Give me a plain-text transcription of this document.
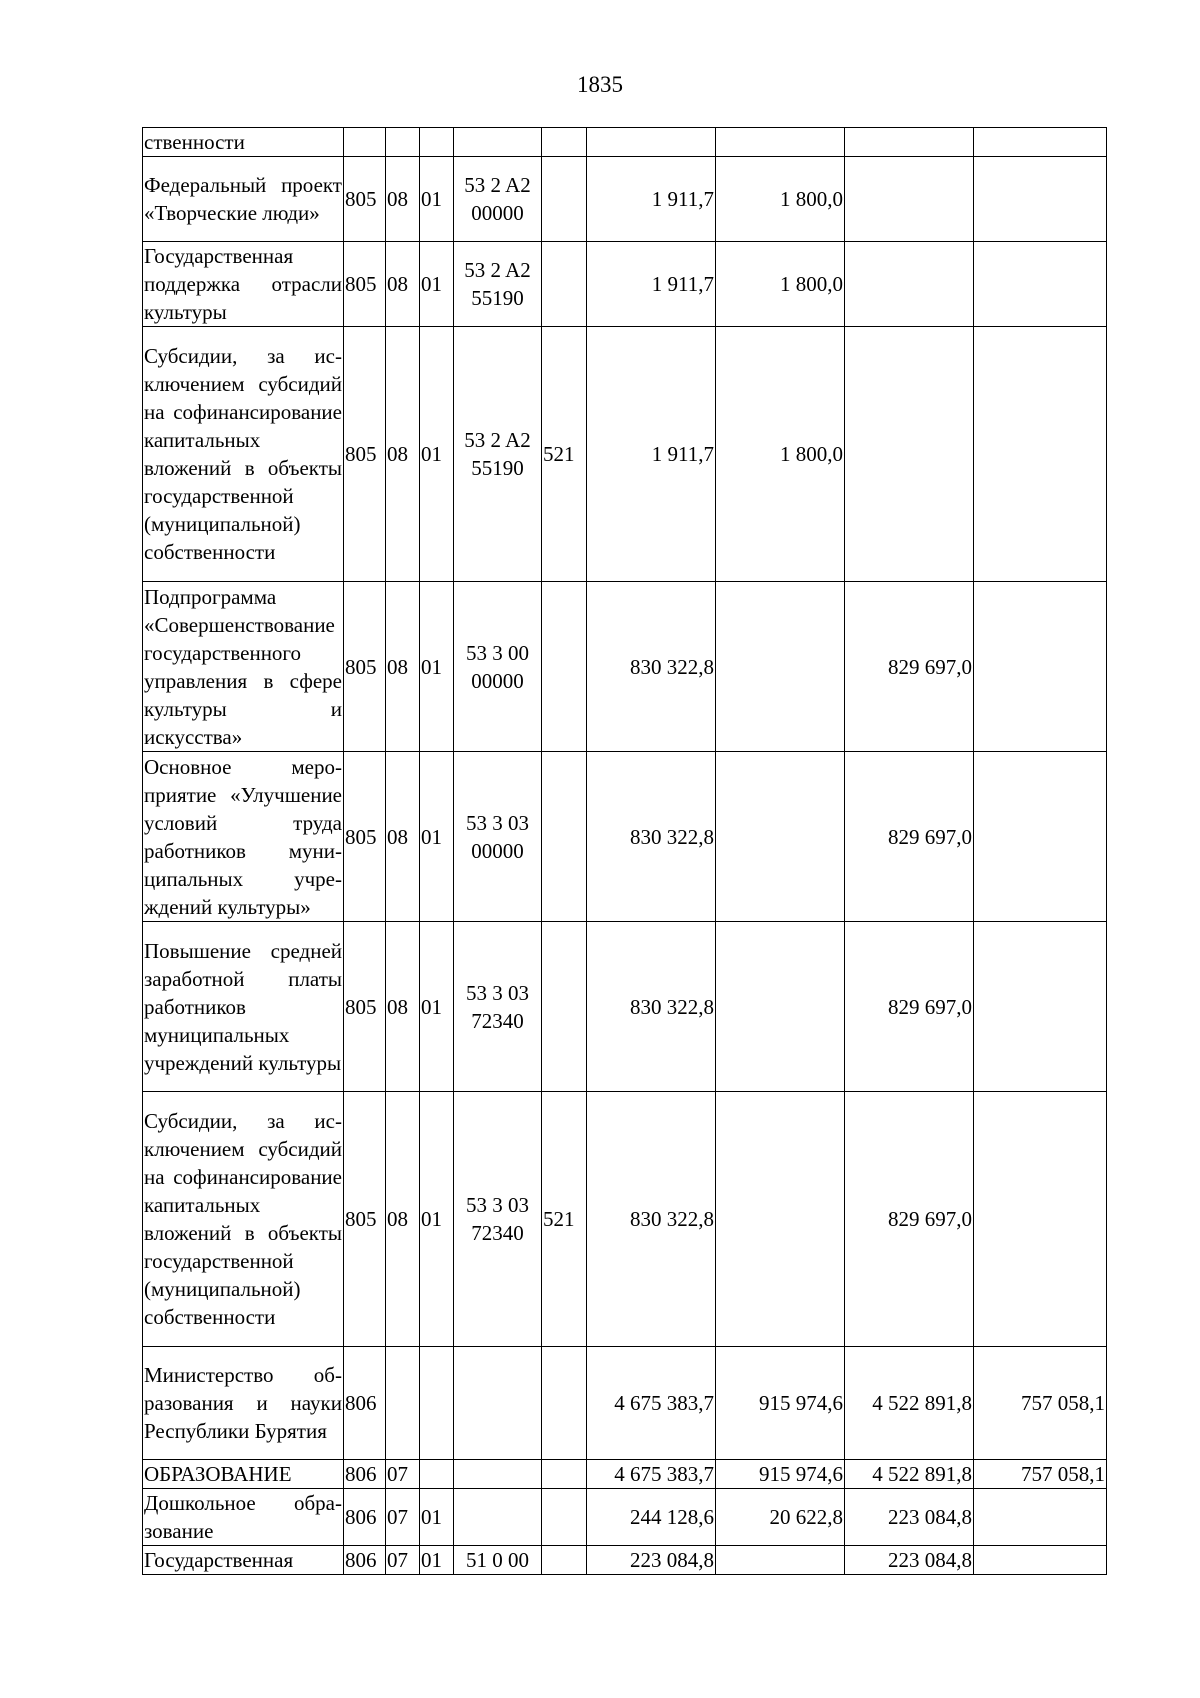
1835
ственности									
Федеральный проект «Творческие люди»	805	08	01	53 2 A2 00000		1 911,7	1 800,0		
Государственная поддержка отрасли культуры	805	08	01	53 2 A2 55190		1 911,7	1 800,0		
Субсидии, за исключением субсидий на софинансирование капитальных вложений в объекты государственной (муниципальной) собственности	805	08	01	53 2 A2 55190	521	1 911,7	1 800,0		
Подпрограмма «Совершенствование государственного управления в сфере культуры и искусства»	805	08	01	53 3 00 00000		830 322,8		829 697,0	
Основное мероприятие «Улучшение условий труда работников муниципальных учреждений культуры»	805	08	01	53 3 03 00000		830 322,8		829 697,0	
Повышение средней заработной платы работников муниципальных учреждений культуры	805	08	01	53 3 03 72340		830 322,8		829 697,0	
Субсидии, за исключением субсидий на софинансирование капитальных вложений в объекты государственной (муниципальной) собственности	805	08	01	53 3 03 72340	521	830 322,8		829 697,0	
Министерство образования и науки Республики Бурятия	806					4 675 383,7	915 974,6	4 522 891,8	757 058,1
ОБРАЗОВАНИЕ	806	07				4 675 383,7	915 974,6	4 522 891,8	757 058,1
Дошкольное образование	806	07	01			244 128,6	20 622,8	223 084,8	
Государственная	806	07	01	51 0 00		223 084,8		223 084,8	
